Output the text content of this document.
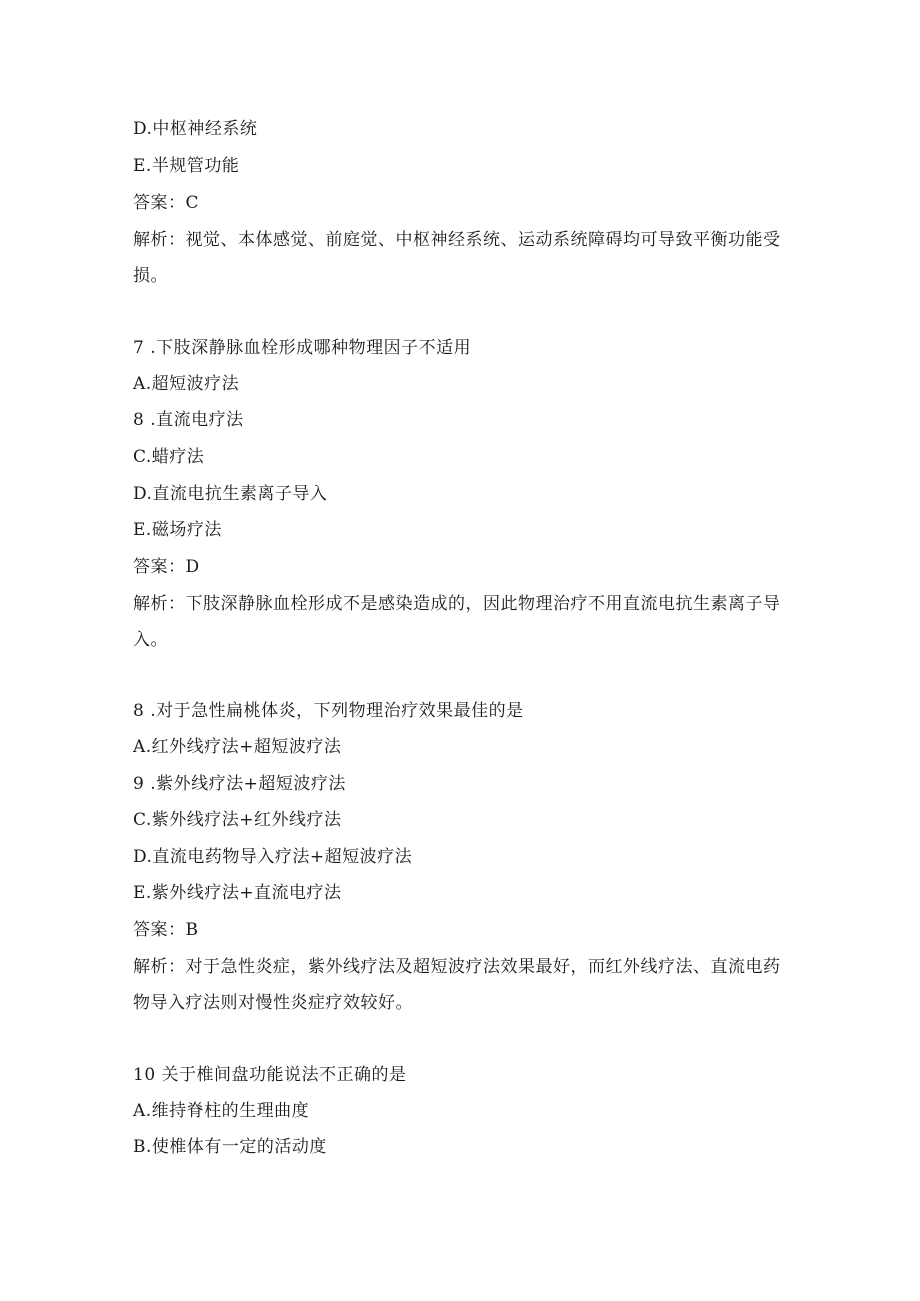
D.中枢神经系统
E.半规管功能
答案：C
解析：视觉、本体感觉、前庭觉、中枢神经系统、运动系统障碍均可导致平衡功能受损。
7 .下肢深静脉血栓形成哪种物理因子不适用
A.超短波疗法
8 .直流电疗法
C.蜡疗法
D.直流电抗生素离子导入
E.磁场疗法
答案：D
解析：下肢深静脉血栓形成不是感染造成的，因此物理治疗不用直流电抗生素离子导入。
8 .对于急性扁桃体炎，下列物理治疗效果最佳的是
A.红外线疗法+超短波疗法
9 .紫外线疗法+超短波疗法
C.紫外线疗法+红外线疗法
D.直流电药物导入疗法+超短波疗法
E.紫外线疗法+直流电疗法
答案：B
解析：对于急性炎症，紫外线疗法及超短波疗法效果最好，而红外线疗法、直流电药物导入疗法则对慢性炎症疗效较好。
10 关于椎间盘功能说法不正确的是
A.维持脊柱的生理曲度
B.使椎体有一定的活动度
